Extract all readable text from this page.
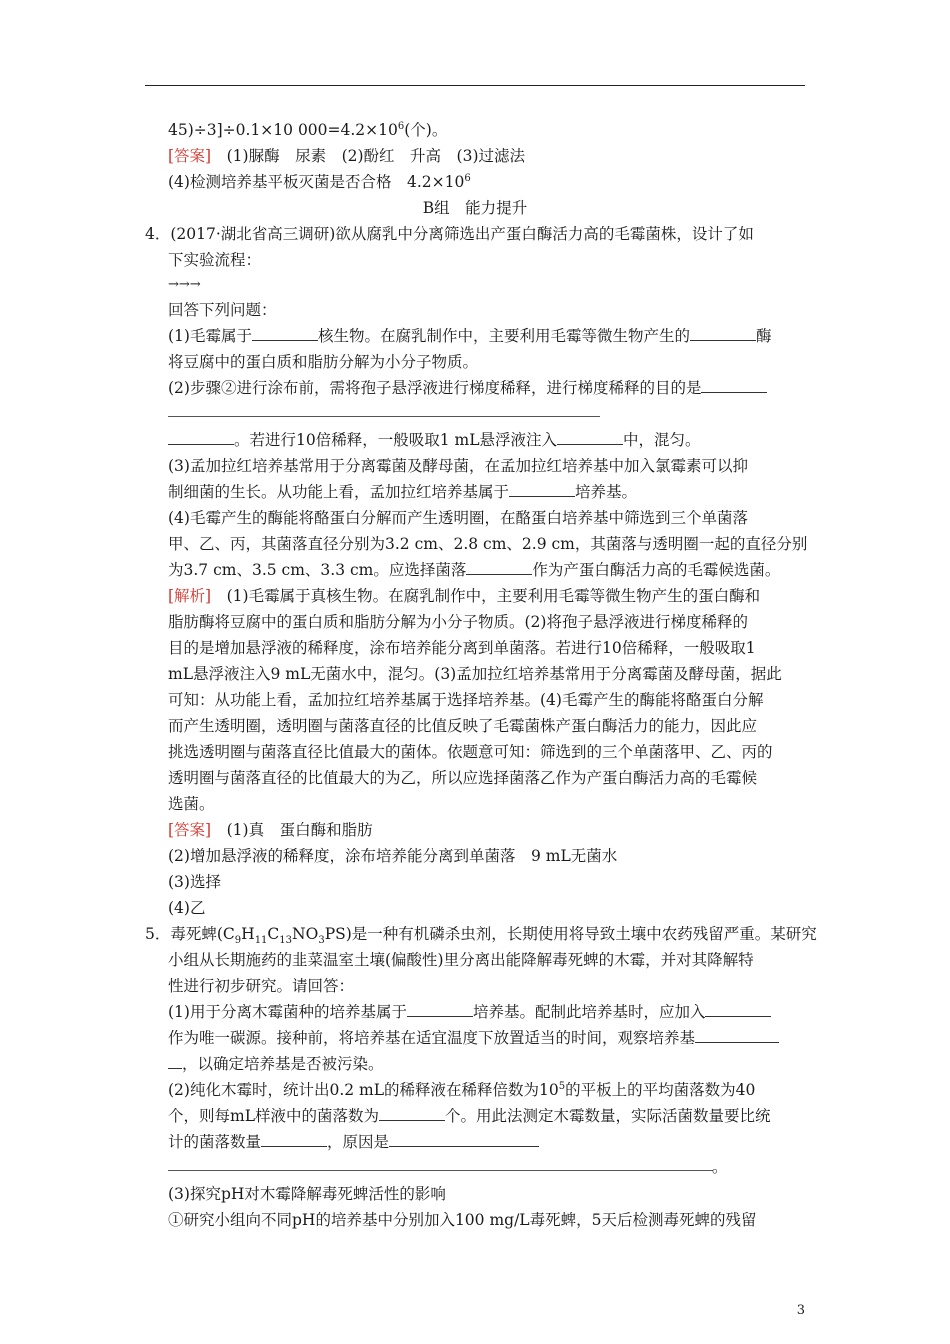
45)÷3]÷0.1×10 $000=4.2\times 10^6$(个)。
[答案]　 (1)脲酶　尿素　(2)酚红　升高　(3)过滤法
(4)检测培养基平板灭菌是否合格　$4.2\times 10^6$
B组　能力提升
4．(2017·湖北省高三调研)欲从腐乳中分离筛选出产蛋白酶活力高的毛霉菌株，设计了如
下实验流程：
→→→
回答下列问题：
(1)毛霉属于	核生物。在腐乳制作中，主要利用毛霉等微生物产生的	酶
将豆腐中的蛋白质和脂肪分解为小分子物质。
(2)步骤②进行涂布前，需将孢子悬浮液进行梯度稀释，进行梯度稀释的目的是
。若进行10倍稀释，一般吸取1 mL悬浮液注入	中，混匀。
(3)孟加拉红培养基常用于分离霉菌及酵母菌，在孟加拉红培养基中加入氯霉素可以抑
制细菌的生长。从功能上看，孟加拉红培养基属于	培养基。
(4)毛霉产生的酶能将酪蛋白分解而产生透明圈，在酪蛋白培养基中筛选到三个单菌落
甲、乙、丙，其菌落直径分别为3.2 cm、2.8 cm、2.9 cm，其菌落与透明圈一起的直径分别
为3.7 cm、3.5 cm、3.3 cm。应选择菌落	作为产蛋白酶活力高的毛霉候选菌。
[解析]　 (1)毛霉属于真核生物。在腐乳制作中，主要利用毛霉等微生物产生的蛋白酶和
脂肪酶将豆腐中的蛋白质和脂肪分解为小分子物质。(2)将孢子悬浮液进行梯度稀释的
目的是增加悬浮液的稀释度，涂布培养能分离到单菌落。若进行10倍稀释，一般吸取1
mL悬浮液注入9 mL无菌水中，混匀。(3)孟加拉红培养基常用于分离霉菌及酵母菌，据此
可知：从功能上看，孟加拉红培养基属于选择培养基。(4)毛霉产生的酶能将酪蛋白分解
而产生透明圈，透明圈与菌落直径的比值反映了毛霉菌株产蛋白酶活力的能力，因此应
挑选透明圈与菌落直径比值最大的菌体。依题意可知：筛选到的三个单菌落甲、乙、丙的
透明圈与菌落直径的比值最大的为乙，所以应选择菌落乙作为产蛋白酶活力高的毛霉候
选菌。
[答案]　 (1)真　蛋白酶和脂肪
(2)增加悬浮液的稀释度，涂布培养能分离到单菌落　9 mL无菌水
(3)选择
(4)乙
5．毒死蜱$(C_9H_{11}C_{13}NO_3PS)$是一种有机磷杀虫剂，长期使用将导致土壤中农药残留严重。某研究
小组从长期施药的韭菜温室土壤(偏酸性)里分离出能降解毒死蜱的木霉，并对其降解特
性进行初步研究。请回答：
(1)用于分离木霉菌种的培养基属于	培养基。配制此培养基时，应加入
作为唯一碳源。接种前，将培养基在适宜温度下放置适当的时间，观察培养基
，以确定培养基是否被污染。
(2)纯化木霉时，统计出0.2 mL的稀释液在稀释倍数为$10^5$的平板上的平均菌落数为40
个，则每mL样液中的菌落数为	个。用此法测定木霉数量，实际活菌数量要比统
计的菌落数量	，原因是
。
(3)探究pH对木霉降解毒死蜱活性的影响
①研究小组向不同pH的培养基中分别加入100 mg/L毒死蜱，5天后检测毒死蜱的残留
3
